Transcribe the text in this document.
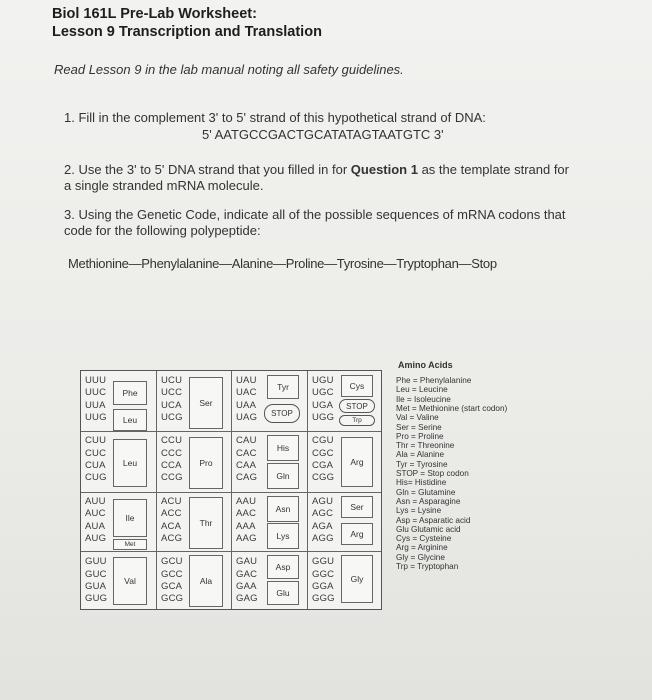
Biol 161L Pre-Lab Worksheet:
Lesson 9 Transcription and Translation
Read Lesson 9 in the lab manual noting all safety guidelines.
1. Fill in the complement 3' to 5' strand of this hypothetical strand of DNA:
5' AATGCCGACTGCATATAGTAATGTC 3'
2. Use the 3' to 5' DNA strand that you filled in for Question 1 as the template strand for
a single stranded mRNA molecule.
3. Using the Genetic Code, indicate all of the possible sequences of mRNA codons that
code for the following polypeptide:
Methionine—Phenylalanine—Alanine—Proline—Tyrosine—Tryptophan—Stop
UUU
UUC
UUA
UUG
CUU
CUC
CUA
CUG
AUU
AUC
AUA
AUG
GUU
GUC
GUA
GUG
UCU
UCC
UCA
UCG
CCU
CCC
CCA
CCG
ACU
ACC
ACA
ACG
GCU
GCC
GCA
GCG
UAU
UAC
UAA
UAG
CAU
CAC
CAA
CAG
AAU
AAC
AAA
AAG
GAU
GAC
GAA
GAG
UGU
UGC
UGA
UGG
CGU
CGC
CGA
CGG
AGU
AGC
AGA
AGG
GGU
GGC
GGA
GGG
Phe
Leu
Leu
Ile
Met
Val
Ser
Pro
Thr
Ala
Tyr
STOP
His
Gln
Asn
Lys
Asp
Glu
Cys
STOP
Trp
Arg
Ser
Arg
Gly
Amino Acids
Phe = Phenylalanine
Leu = Leucine
Ile = Isoleucine
Met = Methionine (start codon)
Val = Valine
Ser = Serine
Pro = Proline
Thr = Threonine
Ala = Alanine
Tyr = Tyrosine
STOP = Stop codon
His= Histidine
Gln = Glutamine
Asn = Asparagine
Lys = Lysine
Asp = Asparatic acid
Glu Glutamic acid
Cys = Cysteine
Arg = Arginine
Gly = Glycine
Trp = Tryptophan
